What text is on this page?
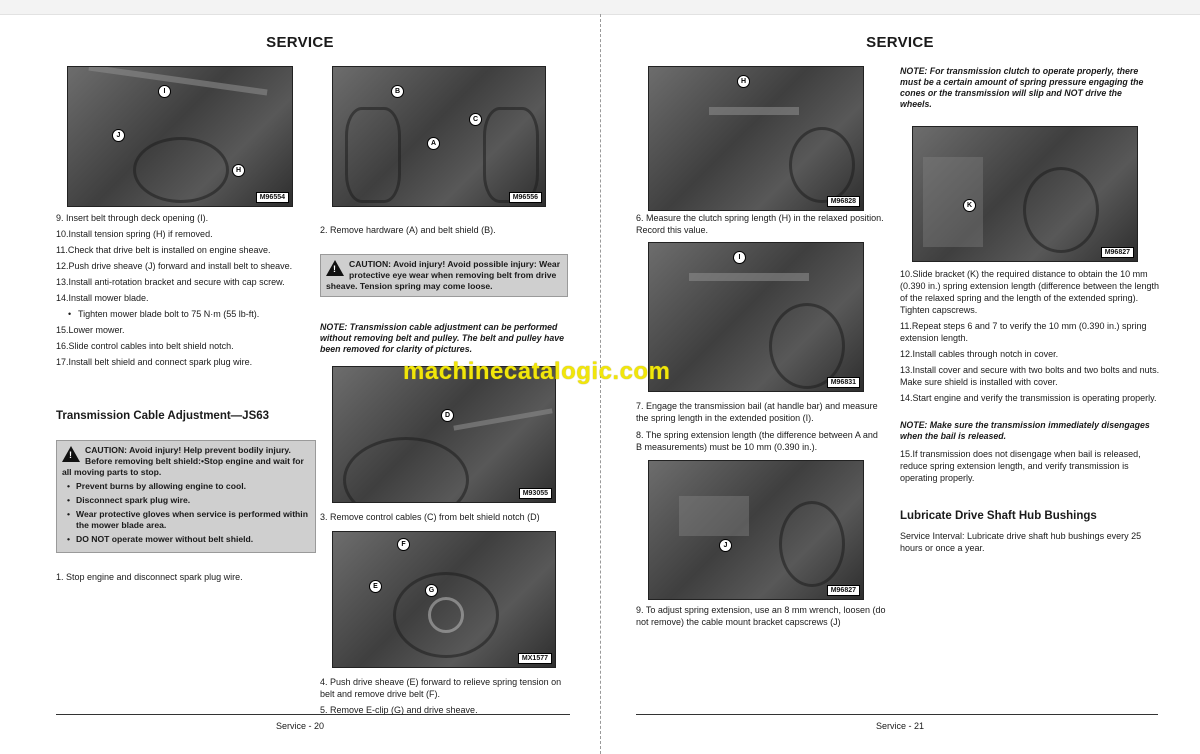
SERVICE
I
J
H
M96554
B
C
A
M96556

9. Insert belt through deck opening (I).

10.Install tension spring (H) if removed.

11.Check that drive belt is installed on engine sheave.

12.Push drive sheave (J) forward and install belt to sheave.

13.Install anti-rotation bracket and secure with cap screw.

14.Install mower blade.

• Tighten mower blade bolt to 75 N·m (55 lb-ft).

15.Lower mower.

16.Slide control cables into belt shield notch.

17.Install belt shield and connect spark plug wire.

Transmission Cable Adjustment—JS63
!	CAUTION: Avoid injury! Help prevent bodily injury. Before removing belt shield:•Stop engine and wait for all moving parts to stop.
• Prevent burns by allowing engine to cool.
• Disconnect spark plug wire.
• Wear protective gloves when service is performed within the mower blade area.
• DO NOT operate mower without belt shield.
1. Stop engine and disconnect spark plug wire.
2. Remove hardware (A) and belt shield (B).
!	CAUTION: Avoid injury! Avoid possible injury: Wear protective eye wear when removing belt from drive sheave. Tension spring may come loose.
NOTE: Transmission cable adjustment can be performed without removing belt and pulley. The belt and pulley have been removed for clarity of pictures.
D
M93055
3. Remove control cables (C) from belt shield notch (D)
F
E
G
MX1577
4. Push drive sheave (E) forward to relieve spring tension on belt and remove drive belt (F).
5. Remove E-clip (G) and drive sheave.
Service - 20
SERVICE
H
M96828
6. Measure the clutch spring length (H) in the relaxed position. Record this value.
I
M96831
7. Engage the transmission bail (at handle bar) and measure the spring length in the extended position (I).
8. The spring extension length (the difference between A and B measurements) must be 10 mm (0.390 in.).
J
M96827
9. To adjust spring extension, use an 8 mm wrench, loosen (do not remove) the cable mount bracket capscrews (J)
NOTE: For transmission clutch to operate properly, there must be a certain amount of spring pressure engaging the cones or the transmission will slip and NOT drive the wheels.
K
M96827

10.Slide bracket (K) the required distance to obtain the 10 mm (0.390 in.) spring extension length (difference between the length of the relaxed spring and the length of the extended spring). Tighten capscrews.

11.Repeat steps 6 and 7 to verify the 10 mm (0.390 in.) spring extension length.

12.Install cables through notch in cover.

13.Install cover and secure with two bolts and two bolts and nuts. Make sure shield is installed with cover.

14.Start engine and verify the transmission is operating properly.

NOTE: Make sure the transmission immediately disengages when the bail is released.
15.If transmission does not disengage when bail is released, reduce spring extension length, and verify transmission is operating properly.
Lubricate Drive Shaft Hub Bushings
Service Interval: Lubricate drive shaft hub bushings every 25 hours or once a year.
Service - 21
machinecatalogic.com
